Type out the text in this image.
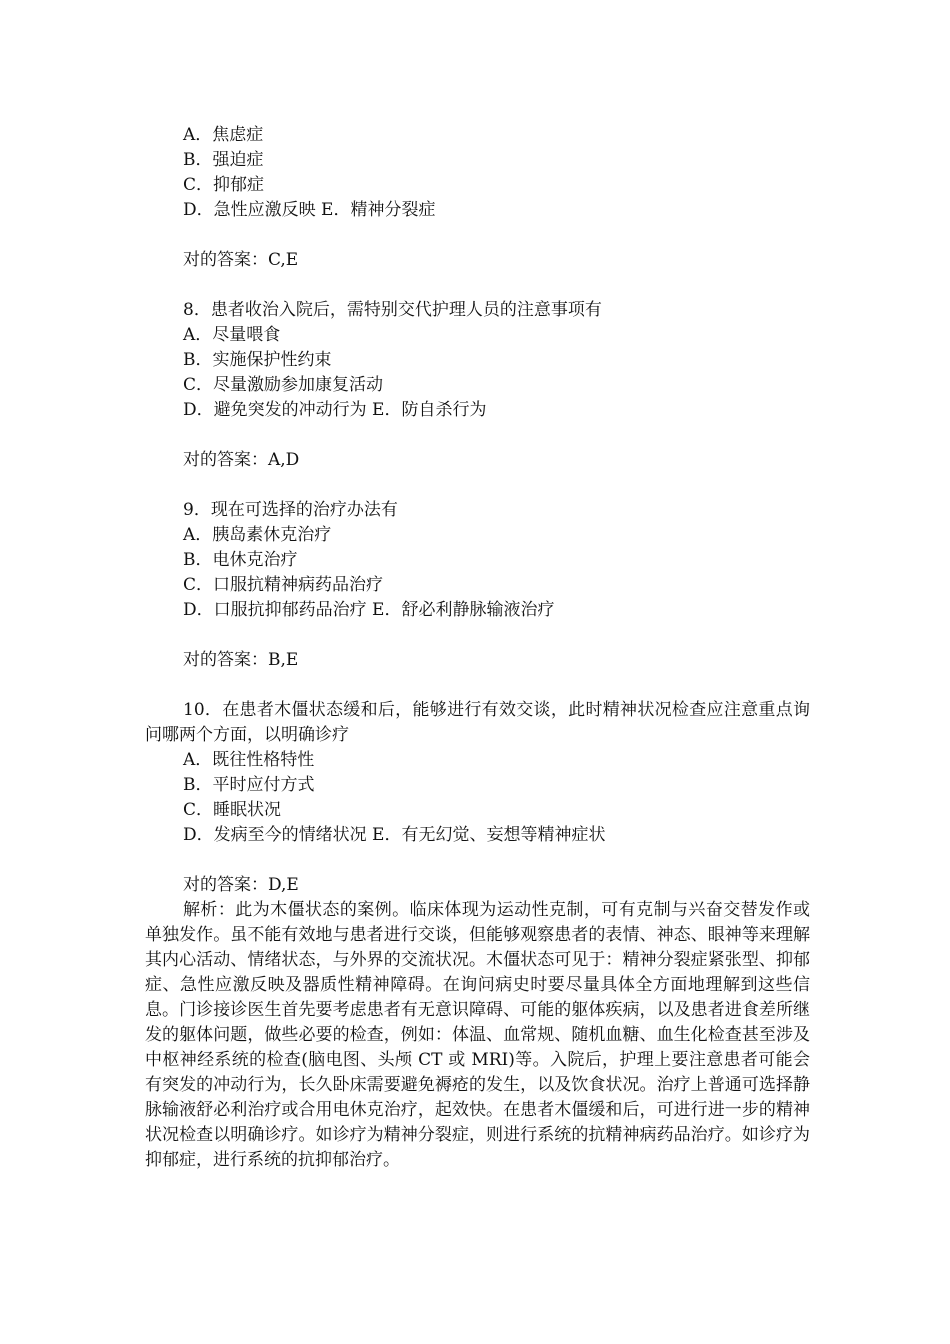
A．焦虑症
B．强迫症
C．抑郁症
D．急性应激反映 E．精神分裂症
对的答案：C,E
8．患者收治入院后，需特别交代护理人员的注意事项有
A．尽量喂食
B．实施保护性约束
C．尽量激励参加康复活动
D．避免突发的冲动行为 E．防自杀行为
对的答案：A,D
9．现在可选择的治疗办法有
A．胰岛素休克治疗
B．电休克治疗
C．口服抗精神病药品治疗
D．口服抗抑郁药品治疗 E．舒必利静脉输液治疗
对的答案：B,E
10．在患者木僵状态缓和后，能够进行有效交谈，此时精神状况检查应注意重点询问哪两个方面，以明确诊疗
A．既往性格特性
B．平时应付方式
C．睡眠状况
D．发病至今的情绪状况 E．有无幻觉、妄想等精神症状
对的答案：D,E
解析：此为木僵状态的案例。临床体现为运动性克制，可有克制与兴奋交替发作或单独发作。虽不能有效地与患者进行交谈，但能够观察患者的表情、神态、眼神等来理解其内心活动、情绪状态，与外界的交流状况。木僵状态可见于：精神分裂症紧张型、抑郁症、急性应激反映及器质性精神障碍。在询问病史时要尽量具体全方面地理解到这些信息。门诊接诊医生首先要考虑患者有无意识障碍、可能的躯体疾病，以及患者进食差所继发的躯体问题，做些必要的检查，例如：体温、血常规、随机血糖、血生化检查甚至涉及中枢神经系统的检查(脑电图、头颅 CT 或 MRI)等。入院后，护理上要注意患者可能会有突发的冲动行为，长久卧床需要避免褥疮的发生，以及饮食状况。治疗上普通可选择静脉输液舒必利治疗或合用电休克治疗，起效快。在患者木僵缓和后，可进行进一步的精神状况检查以明确诊疗。如诊疗为精神分裂症，则进行系统的抗精神病药品治疗。如诊疗为抑郁症，进行系统的抗抑郁治疗。
